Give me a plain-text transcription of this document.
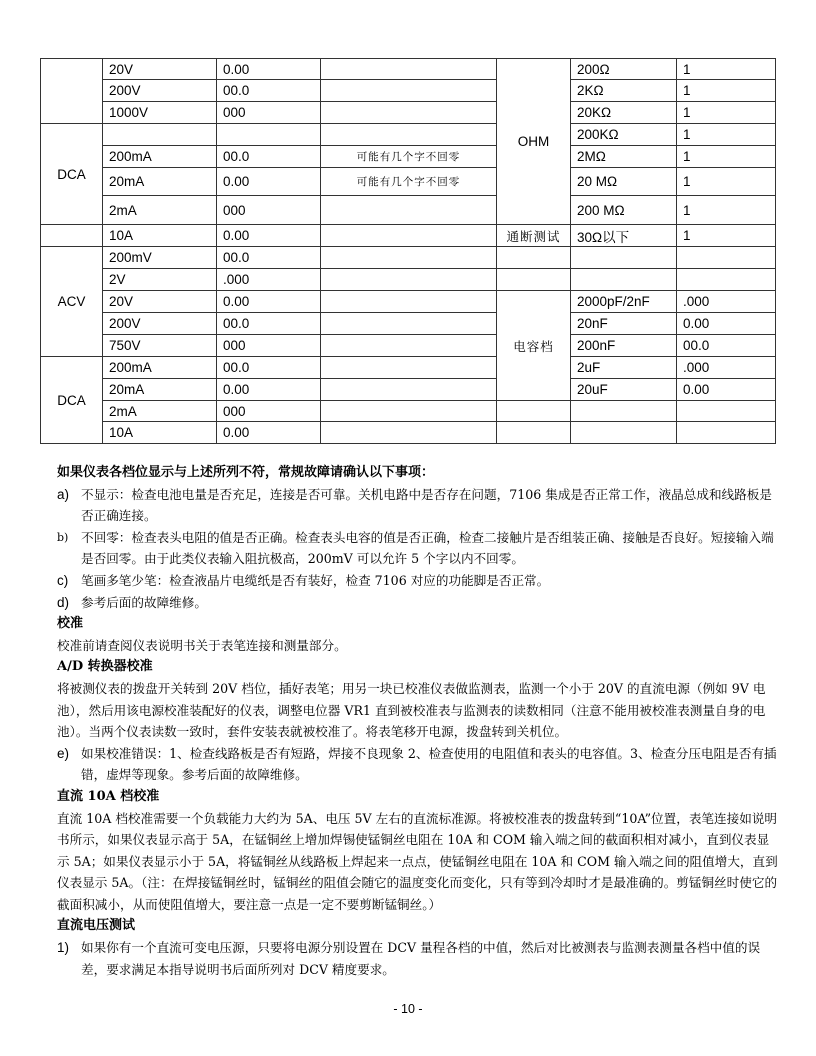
	20V	0.00		OHM	200Ω	1
	200V	00.0			2KΩ	1
	1000V	000			20KΩ	1
DCA					200KΩ	1
	200mA	00.0	可能有几个字不回零		2MΩ	1
	20mA	0.00	可能有几个字不回零		20 MΩ	1
	2mA	000			200 MΩ	1
	10A	0.00		通断测试	30Ω以下	1
ACV	200mV	00.0				
	2V	.000				
	20V	0.00		电容档	2000pF/2nF	.000
	200V	00.0			20nF	0.00
	750V	000			200nF	00.0
DCA	200mA	00.0			2uF	.000
	20mA	0.00			20uF	0.00
	2mA	000				
	10A	0.00				

如果仪表各档位显示与上述所列不符，常规故障请确认以下事项：

a) 不显示：检查电池电量是否充足，连接是否可靠。关机电路中是否存在问题，7106 集成是否正常工作，液晶总成和线路板是否正确连接。
b)	不回零：检查表头电阻的值是否正确。检查表头电容的值是否正确，检查二接触片是否组装正确、接触是否良好。短接输入端是否回零。由于此类仪表输入阻抗极高，200mV 可以允许 5 个字以内不回零。
c)	笔画多笔少笔：检查液晶片电缆纸是否有装好，检查 7106 对应的功能脚是否正常。
d) 参考后面的故障维修。

校准

校准前请查阅仪表说明书关于表笔连接和测量部分。

A/D 转换器校准

将被测仪表的拨盘开关转到 20V 档位，插好表笔；用另一块已校准仪表做监测表，监测一个小于 20V 的直流电源（例如 9V 电池），然后用该电源校准装配好的仪表，调整电位器 VR1 直到被校准表与监测表的读数相同（注意不能用被校准表测量自身的电池）。当两个仪表读数一致时，套件安装表就被校准了。将表笔移开电源，拨盘转到关机位。

e) 如果校准错误：1、检查线路板是否有短路，焊接不良现象 2、检查使用的电阻值和表头的电容值。3、检查分压电阻是否有插错，虚焊等现象。参考后面的故障维修。

直流 10A 档校准

直流 10A 档校准需要一个负载能力大约为 5A、电压 5V 左右的直流标准源。将被校准表的拨盘转到“10A”位置，表笔连接如说明书所示，如果仪表显示高于 5A，在锰铜丝上增加焊锡使锰铜丝电阻在 10A 和 COM 输入端之间的截面积相对减小，直到仪表显示 5A；如果仪表显示小于 5A，将锰铜丝从线路板上焊起来一点点，使锰铜丝电阻在 10A 和 COM 输入端之间的阻值增大，直到仪表显示 5A。（注：在焊接锰铜丝时，锰铜丝的阻值会随它的温度变化而变化，只有等到冷却时才是最准确的。剪锰铜丝时使它的截面积减小，从而使阻值增大，要注意一点是一定不要剪断锰铜丝。）

直流电压测试

1) 如果你有一个直流可变电压源，只要将电源分别设置在 DCV 量程各档的中值，然后对比被测表与监测表测量各档中值的误差，要求满足本指导说明书后面所列对 DCV 精度要求。
- 10 -
